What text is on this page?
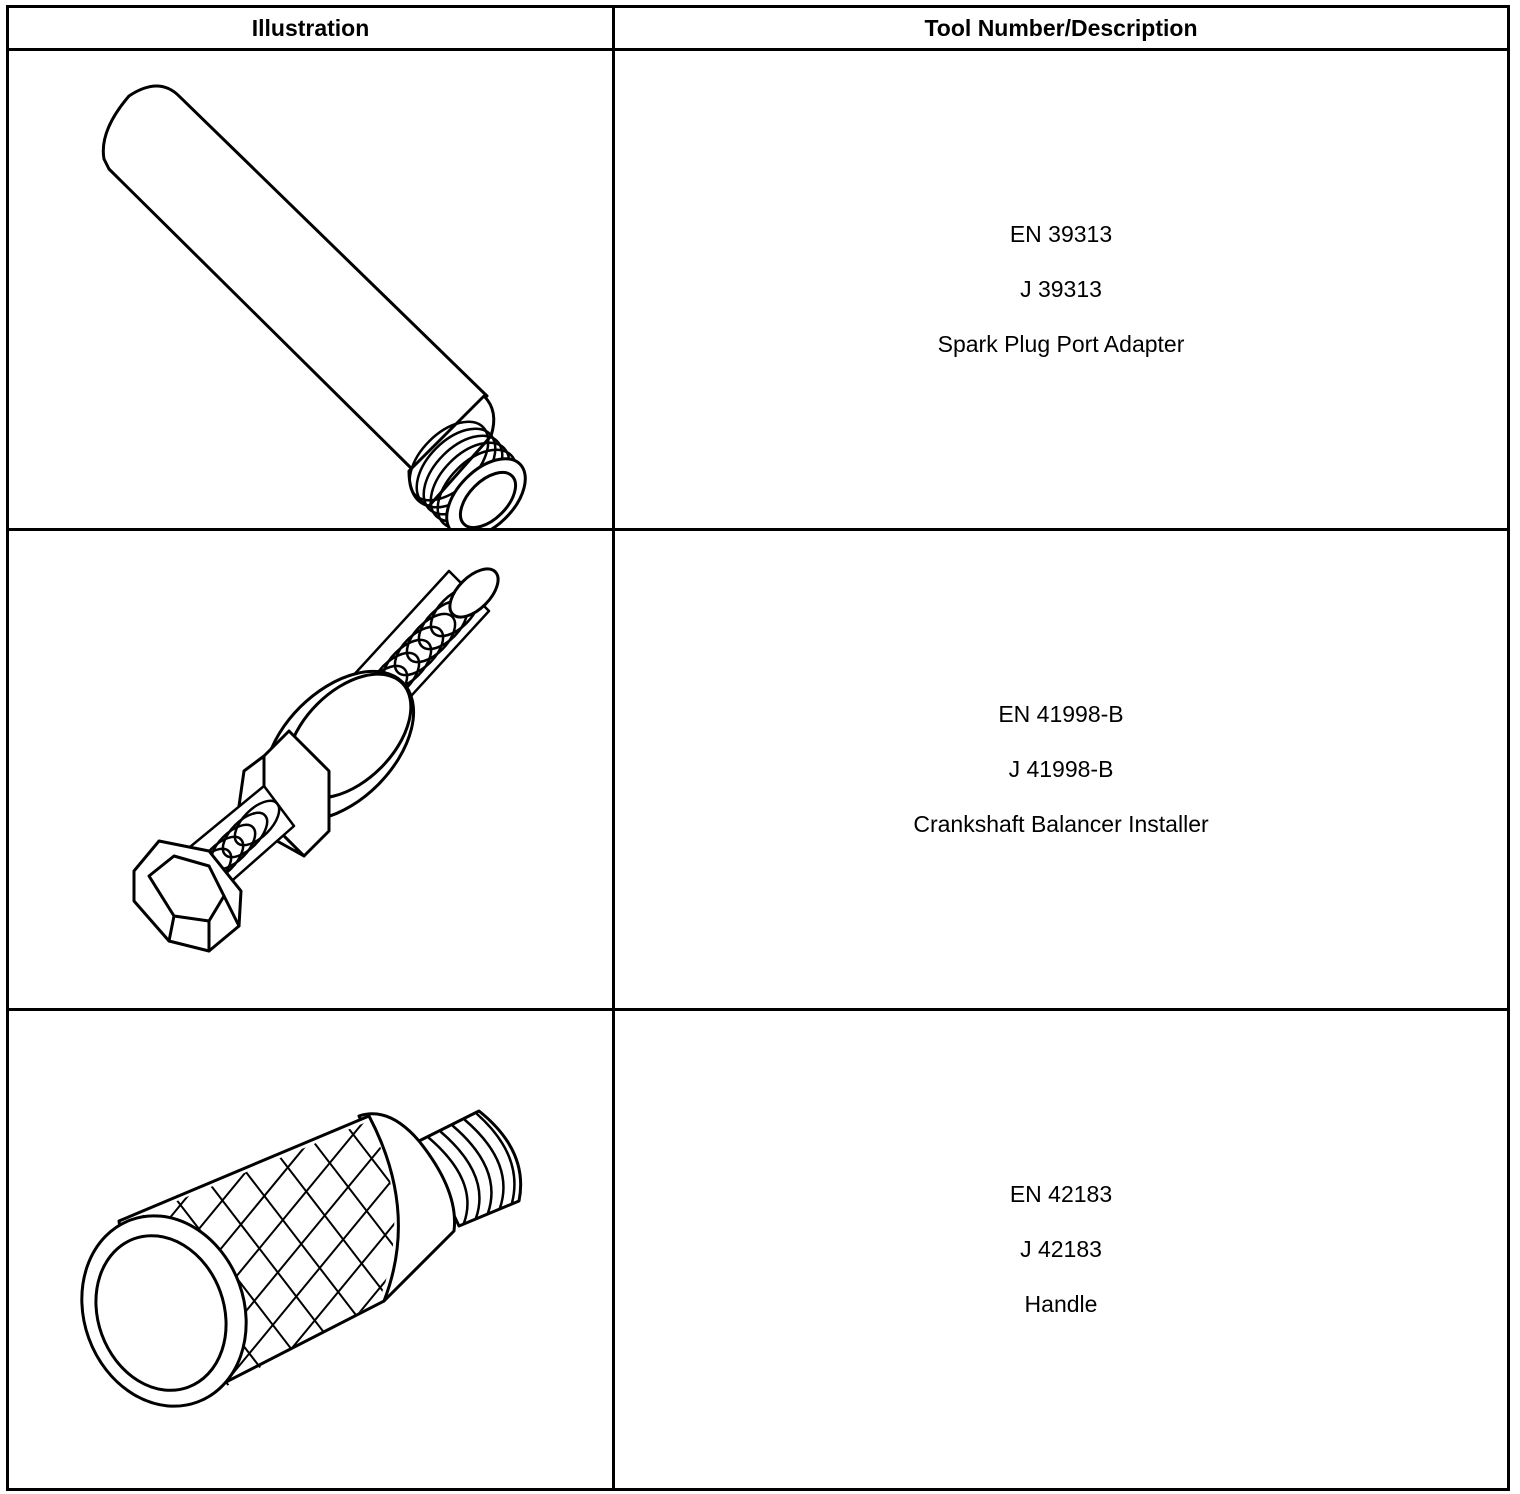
Illustration	Tool Number/Description

EN 39313
J 39313
Spark Plug Port Adapter

EN 41998-B
J 41998-B
Crankshaft Balancer Installer

EN 42183
J 42183
Handle
